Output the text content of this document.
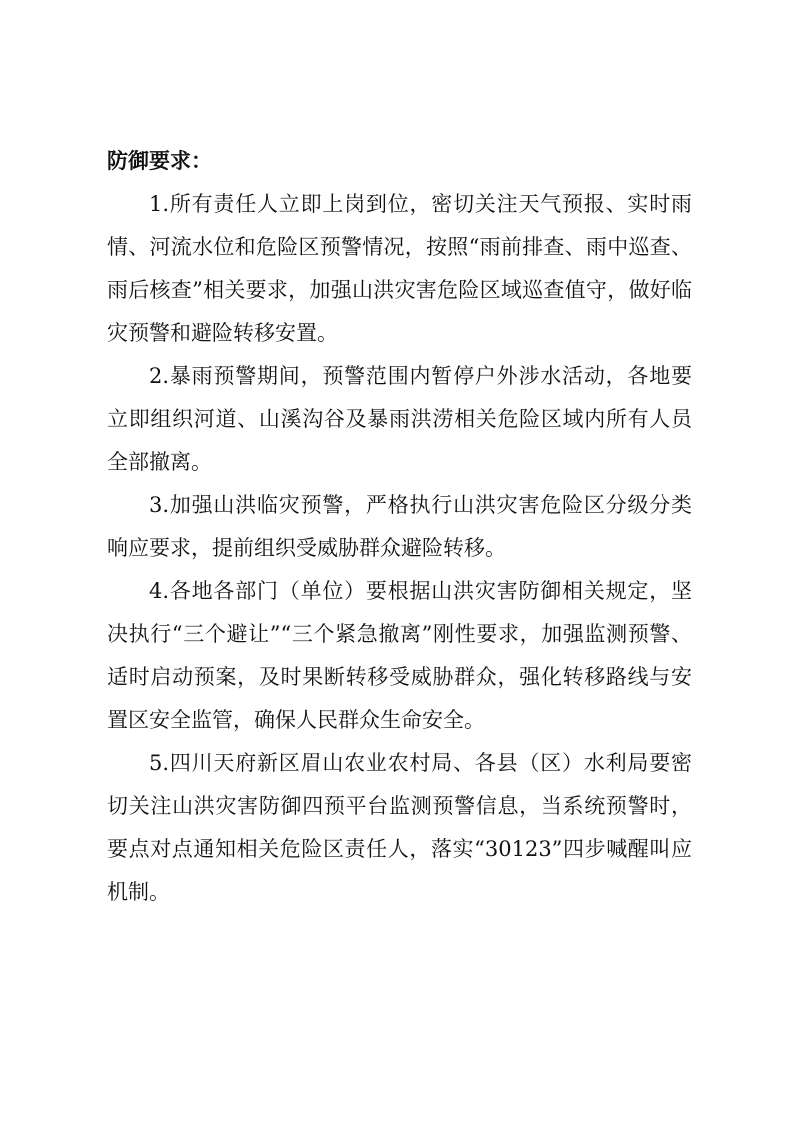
防御要求：

1.所有责任人立即上岗到位，密切关注天气预报、实时雨情、河流水位和危险区预警情况，按照“雨前排查、雨中巡查、雨后核查”相关要求，加强山洪灾害危险区域巡查值守，做好临灾预警和避险转移安置。

2.暴雨预警期间，预警范围内暂停户外涉水活动，各地要立即组织河道、山溪沟谷及暴雨洪涝相关危险区域内所有人员全部撤离。

3.加强山洪临灾预警，严格执行山洪灾害危险区分级分类响应要求，提前组织受威胁群众避险转移。

4.各地各部门（单位）要根据山洪灾害防御相关规定，坚决执行“三个避让”“三个紧急撤离”刚性要求，加强监测预警、适时启动预案，及时果断转移受威胁群众，强化转移路线与安置区安全监管，确保人民群众生命安全。

5.四川天府新区眉山农业农村局、各县（区）水利局要密切关注山洪灾害防御四预平台监测预警信息，当系统预警时，要点对点通知相关危险区责任人，落实“30123”四步喊醒叫应机制。
